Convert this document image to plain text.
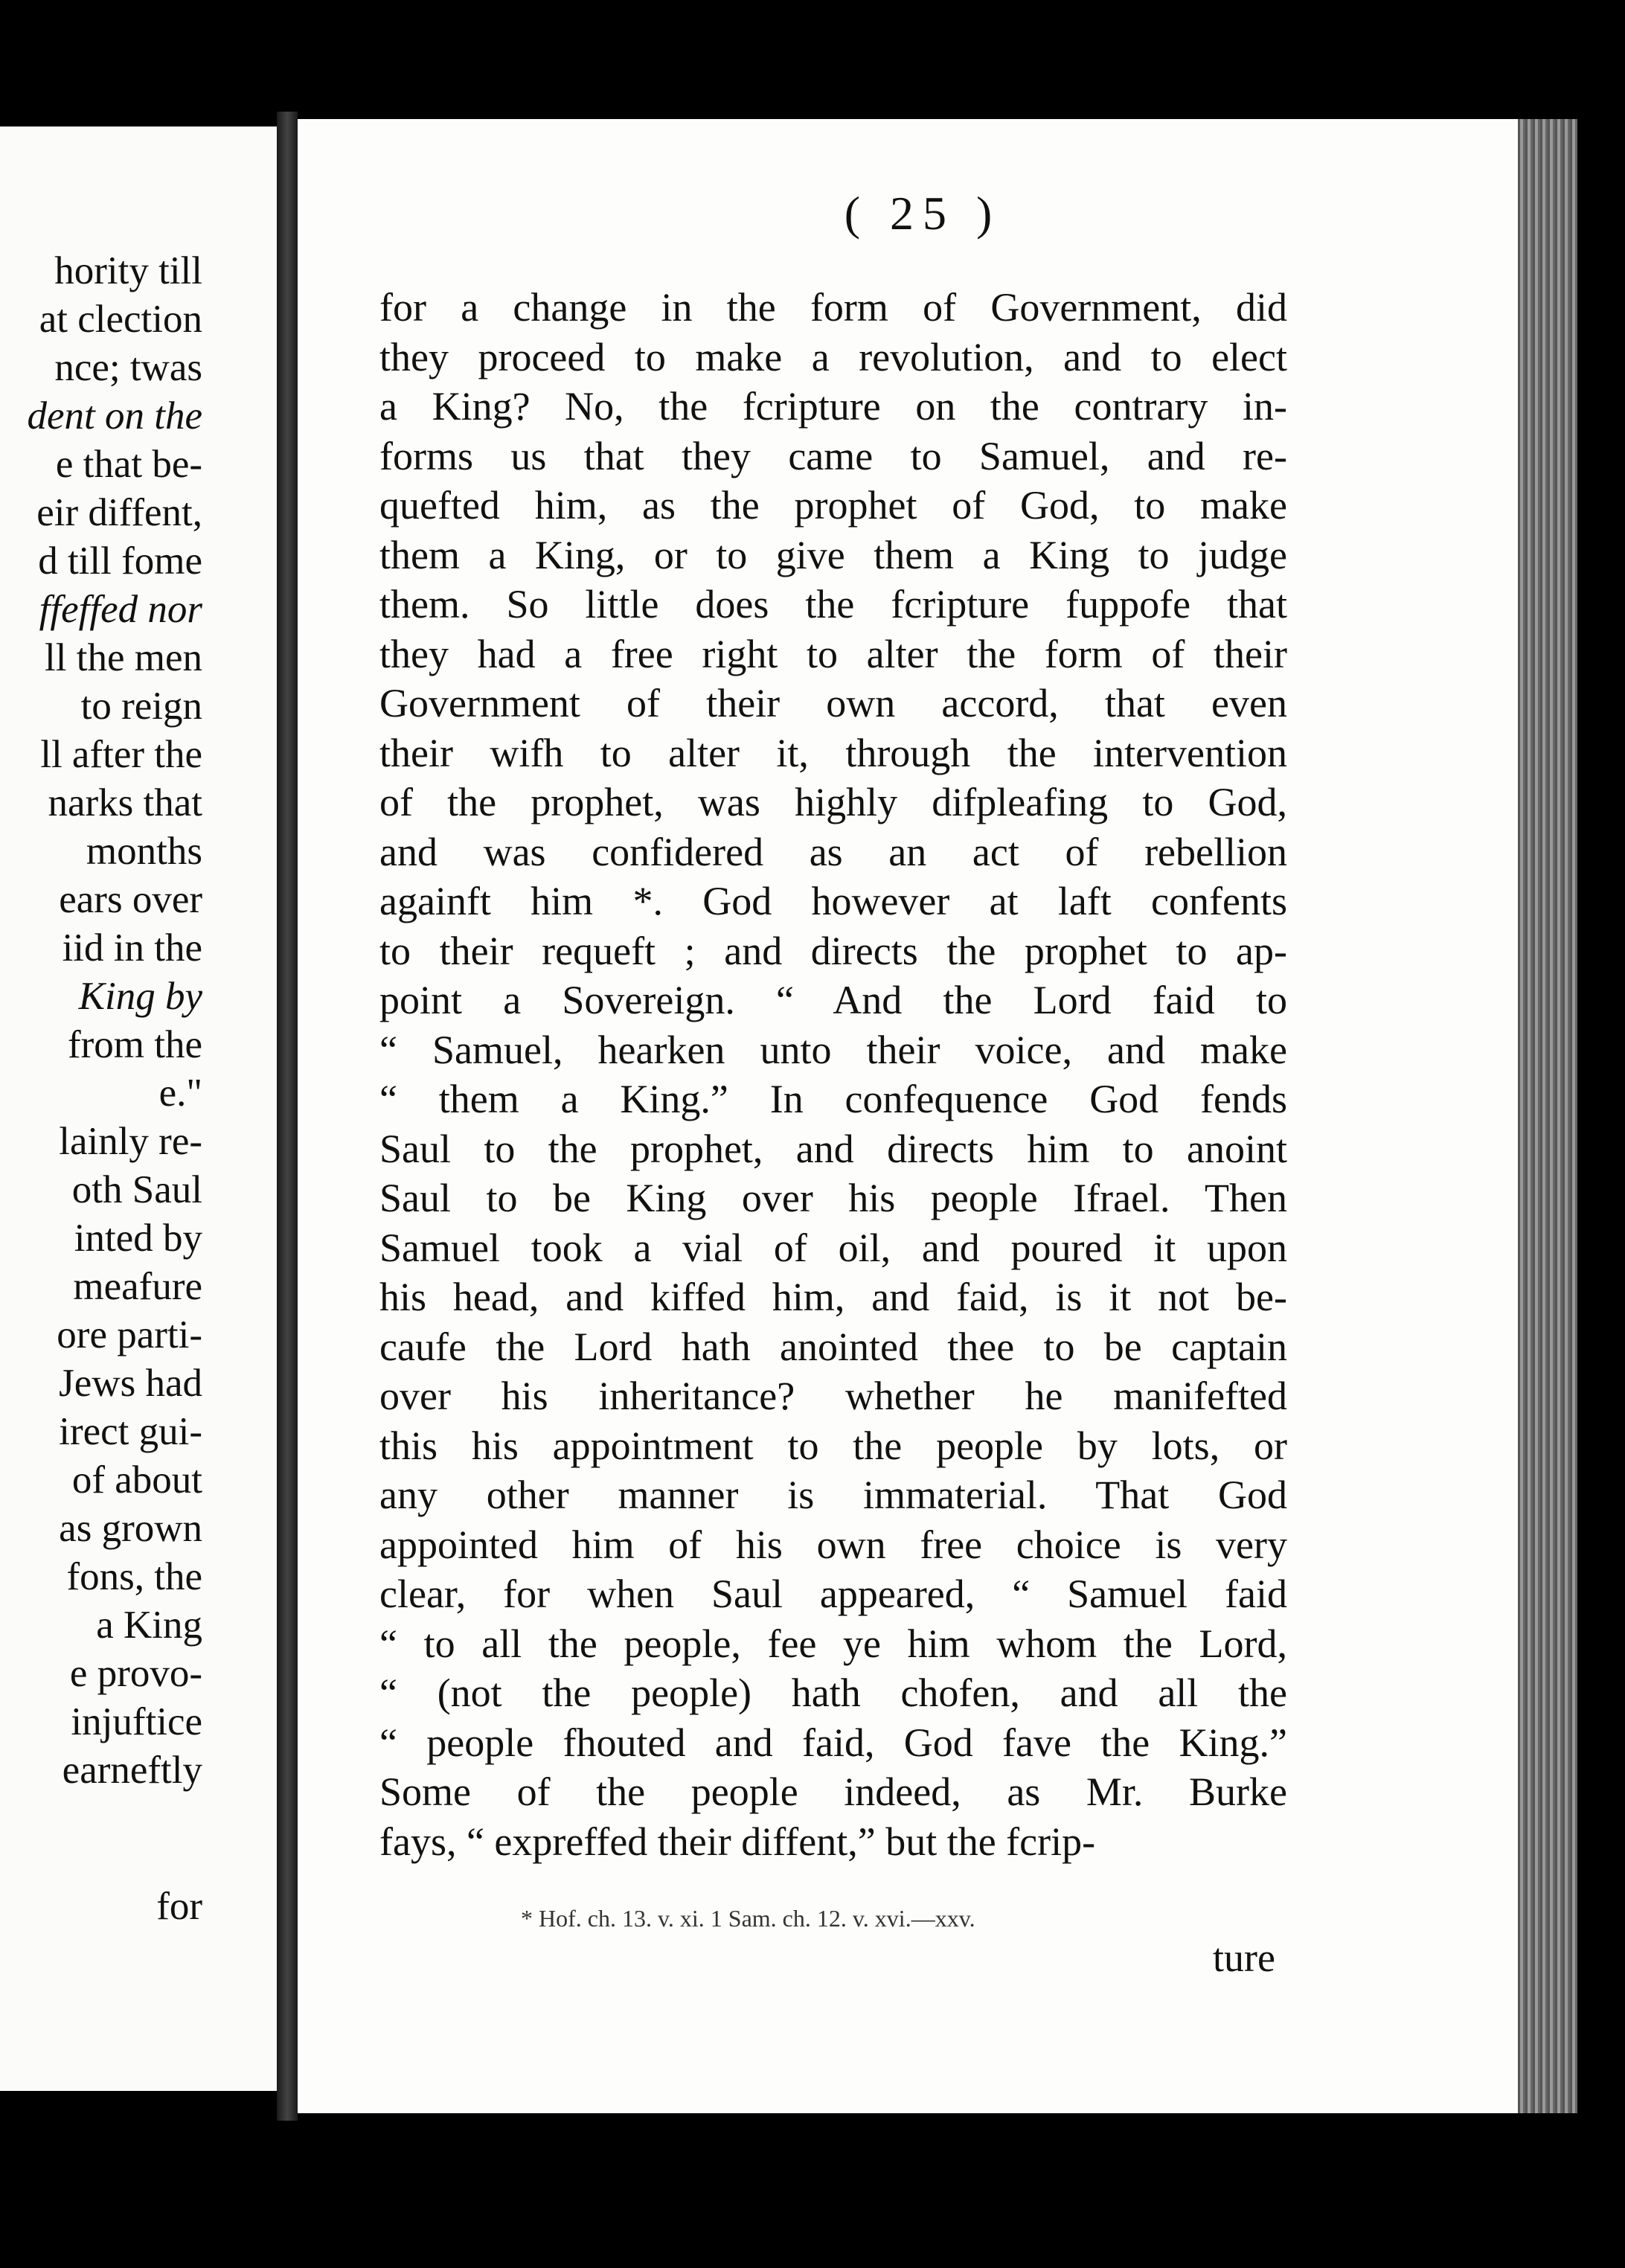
hority till
at clection
nce; twas
dent on the
e that be-
eir diffent,
d till fome
ffeffed nor
ll the men
to reign
ll after the
narks that
months
ears over
iid in the
King by
from the
e."
lainly re-
oth Saul
inted by
meafure
ore parti-
Jews had
irect gui-
of about
as grown
fons, the
a King
e provo-
injuftice
earneftly
for
( 25 )
for a change in the form of Government, did
they proceed to make a revolution, and to elect
a King? No, the fcripture on the contrary in-
forms us that they came to Samuel, and re-
quefted him, as the prophet of God, to make
them a King, or to give them a King to judge
them. So little does the fcripture fuppofe that
they had a free right to alter the form of their
Government of their own accord, that even
their wifh to alter it, through the intervention
of the prophet, was highly difpleafing to God,
and was confidered as an act of rebellion
againft him *. God however at laft confents
to their requeft ; and directs the prophet to ap-
point a Sovereign. “ And the Lord faid to
“ Samuel, hearken unto their voice, and make
“ them a King.” In confequence God fends
Saul to the prophet, and directs him to anoint
Saul to be King over his people Ifrael. Then
Samuel took a vial of oil, and poured it upon
his head, and kiffed him, and faid, is it not be-
caufe the Lord hath anointed thee to be captain
over his inheritance? whether he manifefted
this his appointment to the people by lots, or
any other manner is immaterial. That God
appointed him of his own free choice is very
clear, for when Saul appeared, “ Samuel faid
“ to all the people, fee ye him whom the Lord,
“ (not the people) hath chofen, and all the
“ people fhouted and faid, God fave the King.”
Some of the people indeed, as Mr. Burke
fays, “ expreffed their diffent,” but the fcrip-
* Hof. ch. 13. v. xi. 1 Sam. ch. 12. v. xvi.—xxv.
ture
